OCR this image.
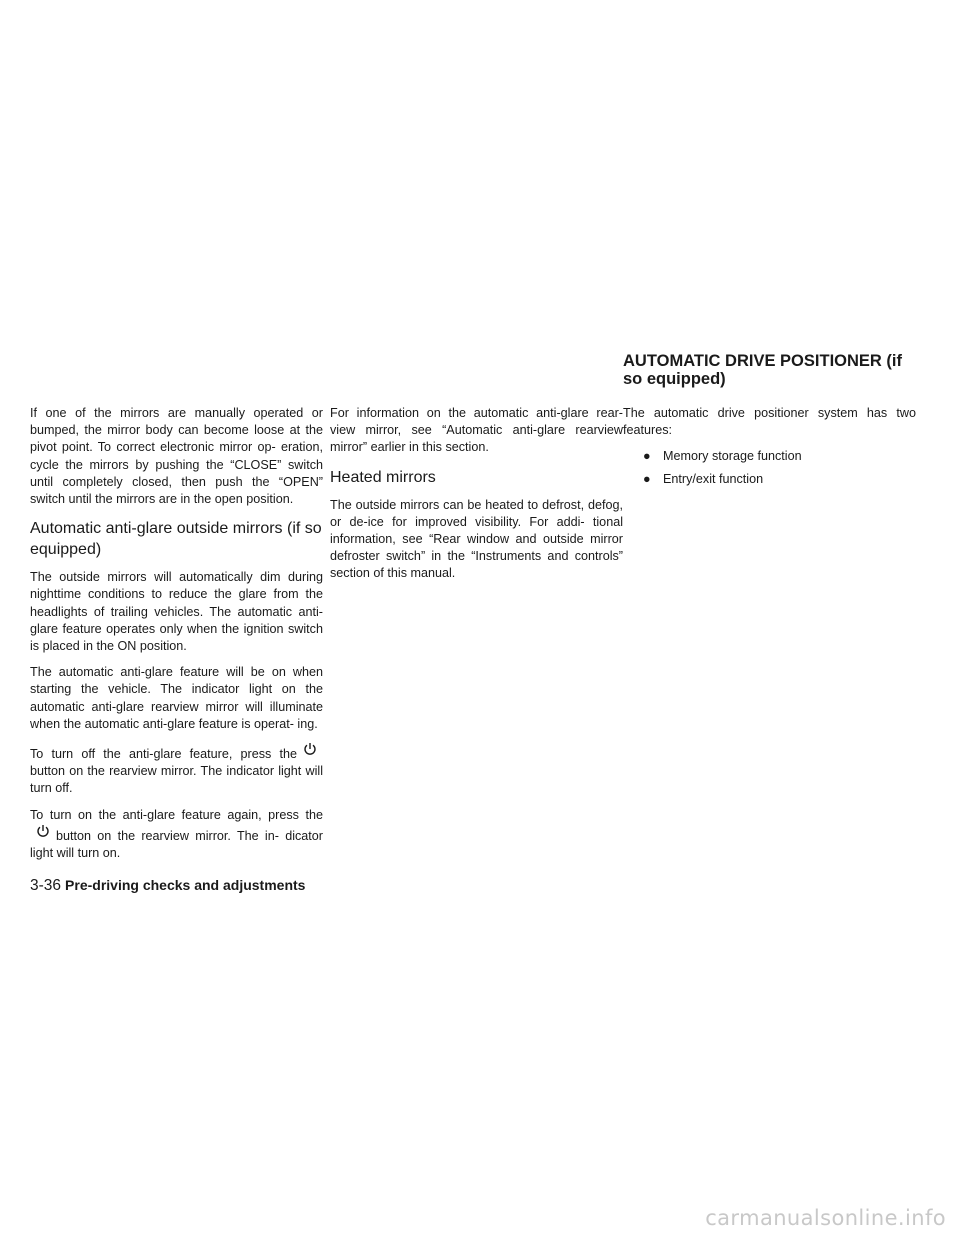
AUTOMATIC DRIVE POSITIONER (if so equipped)

If one of the mirrors are manually operated or bumped, the mirror body can become loose at the pivot point. To correct electronic mirror op- eration, cycle the mirrors by pushing the “CLOSE” switch until completely closed, then push the “OPEN” switch until the mirrors are in the open position.

Automatic anti-glare outside mirrors (if so equipped)

The outside mirrors will automatically dim during nighttime conditions to reduce the glare from the headlights of trailing vehicles. The automatic anti- glare feature operates only when the ignition switch is placed in the ON position.

The automatic anti-glare feature will be on when starting the vehicle. The indicator light on the automatic anti-glare rearview mirror will illuminate when the automatic anti-glare feature is operat- ing.

To turn off the anti-glare feature, press thebutton on the rearview mirror. The indicator light will turn off.

To turn on the anti-glare feature again, press thebutton on the rearview mirror. The in- dicator light will turn on.

For information on the automatic anti-glare rear- view mirror, see “Automatic anti-glare rearview mirror” earlier in this section.

Heated mirrors

The outside mirrors can be heated to defrost, defog, or de-ice for improved visibility. For addi- tional information, see “Rear window and outside mirror defroster switch” in the “Instruments and controls” section of this manual.

The automatic drive positioner system has two features:

● Memory storage function
● Entry/exit function
3-36 Pre-driving checks and adjustments
carmanualsonline.info
